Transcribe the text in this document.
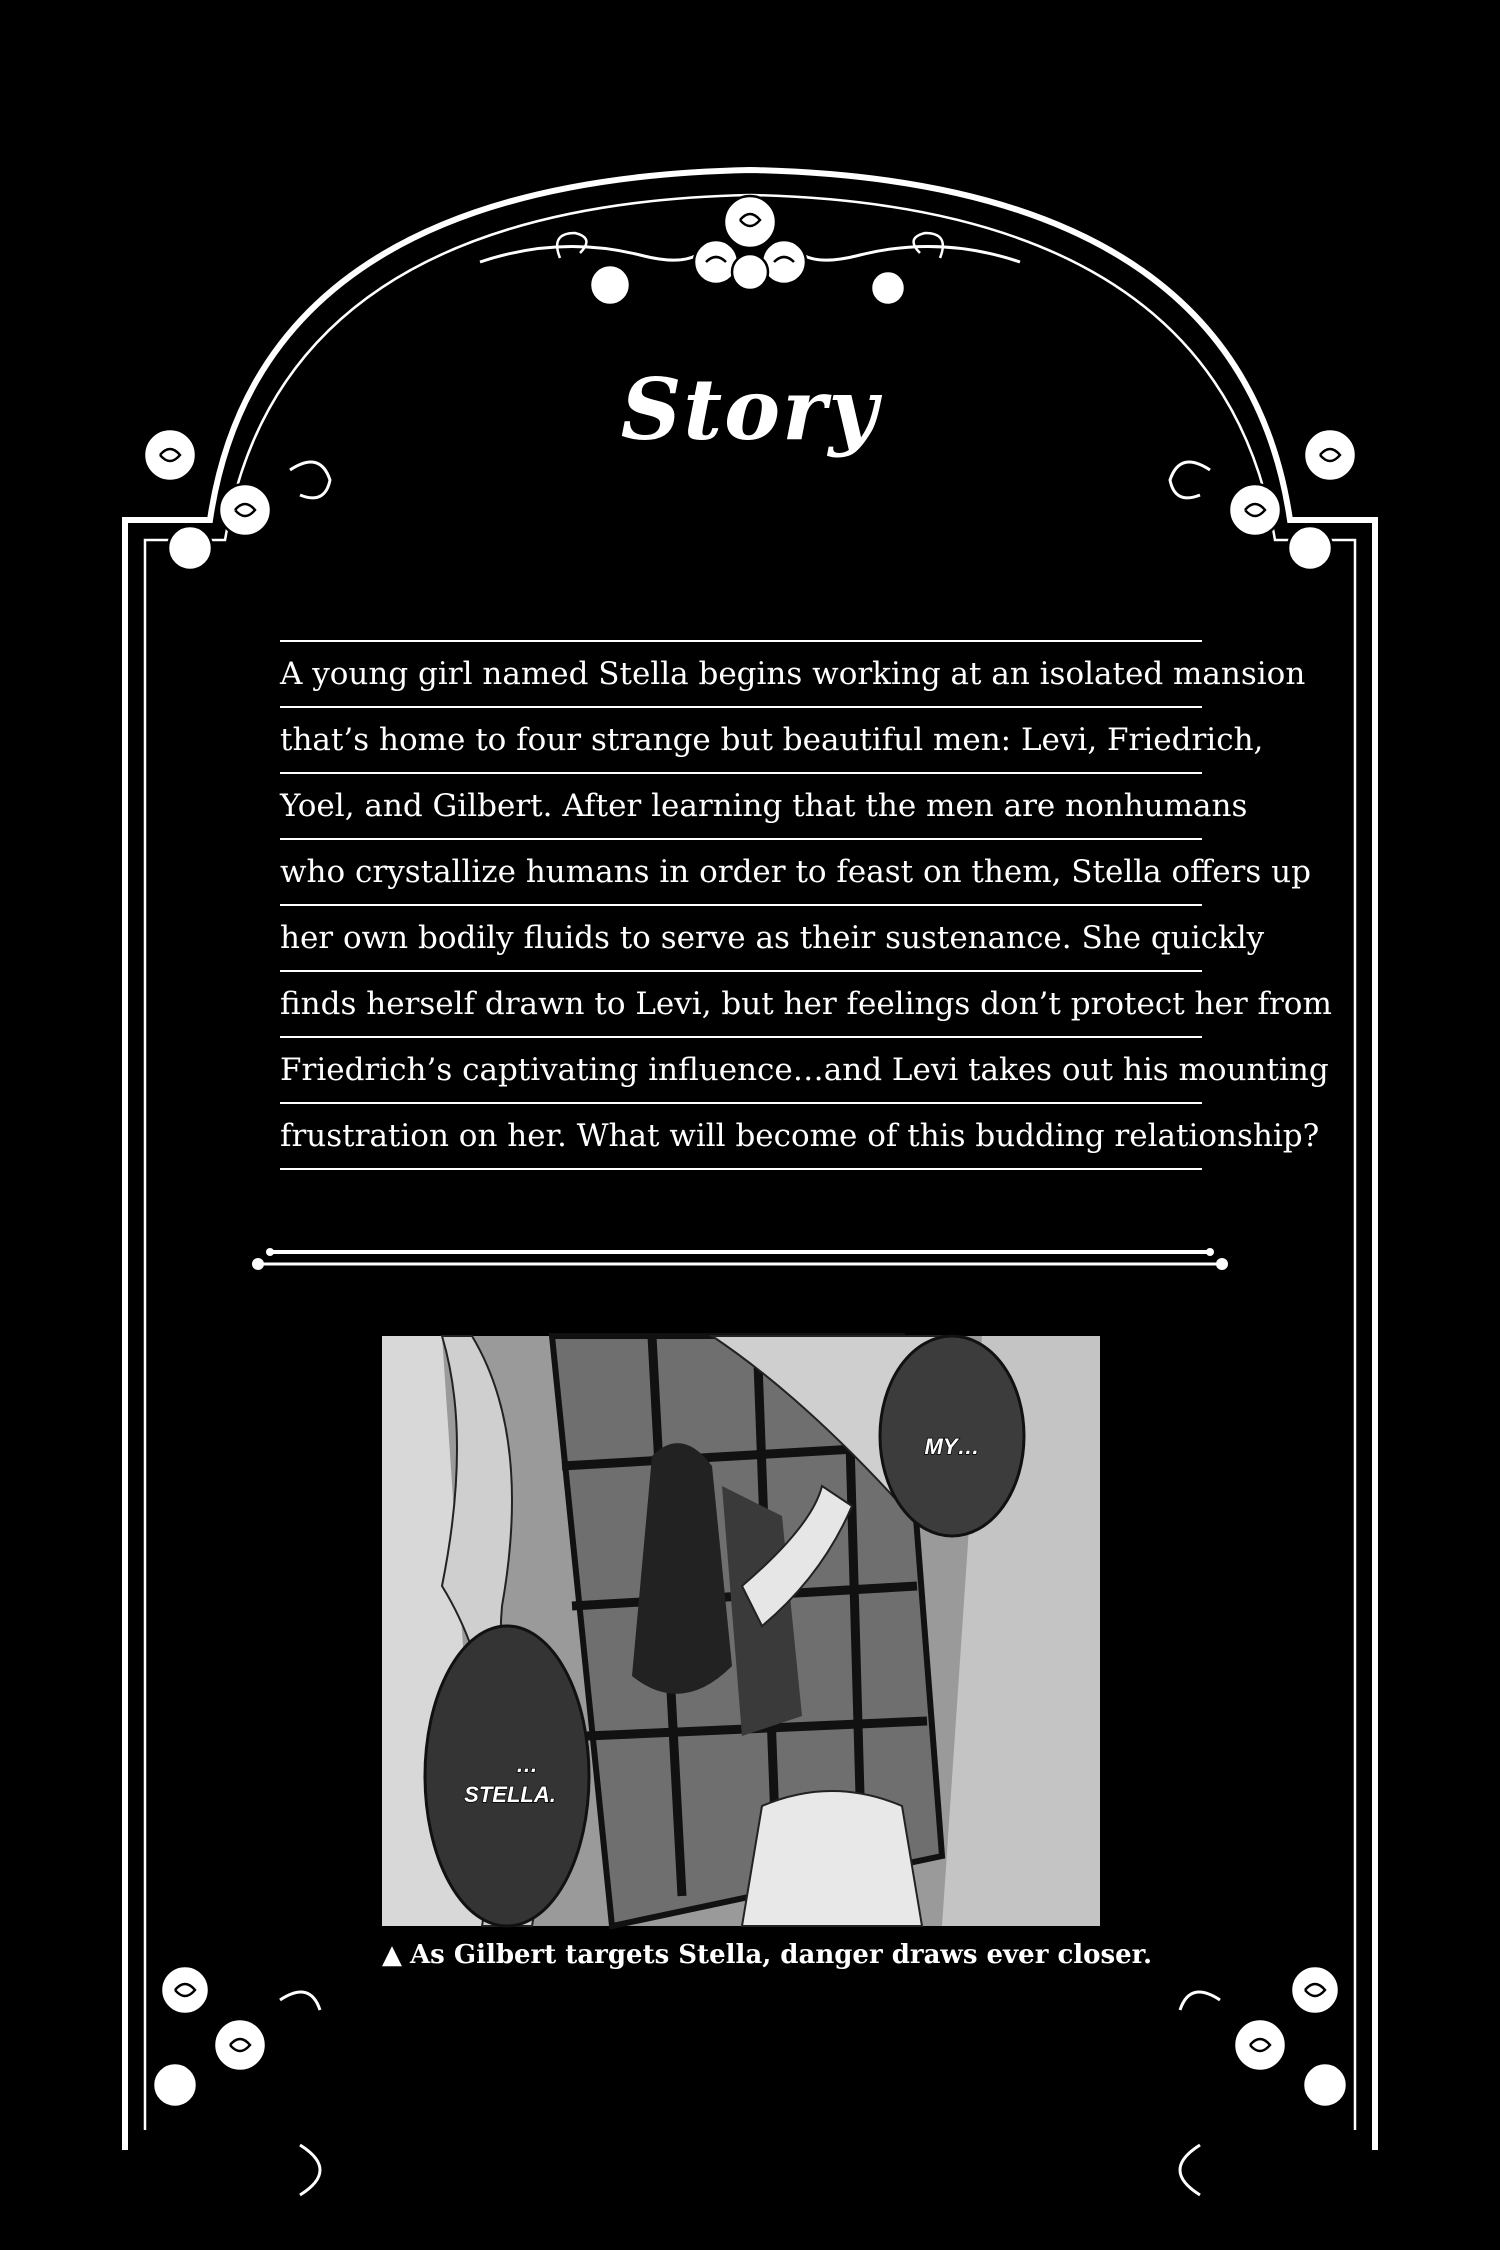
Story
A young girl named Stella begins working at an isolated mansion
that’s home to four strange but beautiful men: Levi, Friedrich,
Yoel, and Gilbert. After learning that the men are nonhumans
who crystallize humans in order to feast on them, Stella offers up
her own bodily fluids to serve as their sustenance. She quickly
finds herself drawn to Levi, but her feelings don’t protect her from
Friedrich’s captivating influence…and Levi takes out his mounting
frustration on her. What will become of this budding relationship?
MY…
…
STELLA.
▲ As Gilbert targets Stella, danger draws ever closer.
